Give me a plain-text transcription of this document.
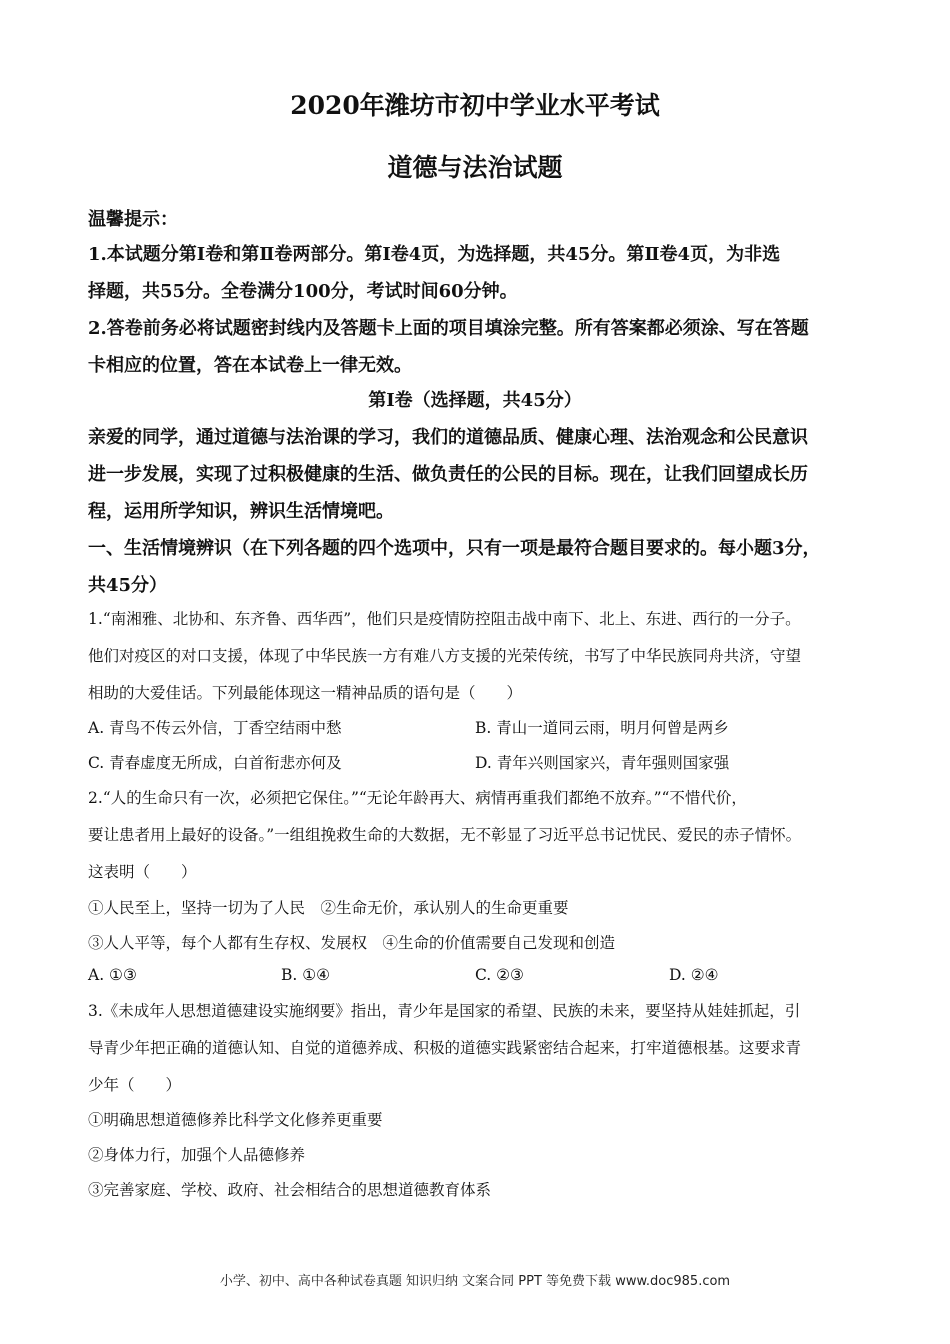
2020年潍坊市初中学业水平考试
道德与法治试题
温馨提示：
1.本试题分第Ⅰ卷和第Ⅱ卷两部分。第Ⅰ卷4页，为选择题，共45分。第Ⅱ卷4页，为非选
择题，共55分。全卷满分100分，考试时间60分钟。
2.答卷前务必将试题密封线内及答题卡上面的项目填涂完整。所有答案都必须涂、写在答题
卡相应的位置，答在本试卷上一律无效。
第Ⅰ卷（选择题，共45分）
亲爱的同学，通过道德与法治课的学习，我们的道德品质、健康心理、法治观念和公民意识
进一步发展，实现了过积极健康的生活、做负责任的公民的目标。现在，让我们回望成长历
程，运用所学知识，辨识生活情境吧。
一、生活情境辨识（在下列各题的四个选项中，只有一项是最符合题目要求的。每小题3分，
共45分）
1.“南湘雅、北协和、东齐鲁、西华西”，他们只是疫情防控阻击战中南下、北上、东进、西行的一分子。
他们对疫区的对口支援，体现了中华民族一方有难八方支援的光荣传统，书写了中华民族同舟共济，守望
相助的大爱佳话。下列最能体现这一精神品质的语句是（　　）
A. 青鸟不传云外信，丁香空结雨中愁	B. 青山一道同云雨，明月何曾是两乡
C. 青春虚度无所成，白首衔悲亦何及	D. 青年兴则国家兴，青年强则国家强
2.“人的生命只有一次，必须把它保住。”“无论年龄再大、病情再重我们都绝不放弃。”“不惜代价，
要让患者用上最好的设备。”一组组挽救生命的大数据，无不彰显了习近平总书记忧民、爱民的赤子情怀。
这表明（　　）
①人民至上，坚持一切为了人民　②生命无价，承认别人的生命更重要
③人人平等，每个人都有生存权、发展权　④生命的价值需要自己发现和创造
A. ①③	B. ①④	C. ②③	D. ②④
3.《未成年人思想道德建设实施纲要》指出，青少年是国家的希望、民族的未来，要坚持从娃娃抓起，引
导青少年把正确的道德认知、自觉的道德养成、积极的道德实践紧密结合起来，打牢道德根基。这要求青
少年（　　）
①明确思想道德修养比科学文化修养更重要
②身体力行，加强个人品德修养
③完善家庭、学校、政府、社会相结合的思想道德教育体系
小学、初中、高中各种试卷真题 知识归纳 文案合同 PPT 等免费下载 www.doc985.com
